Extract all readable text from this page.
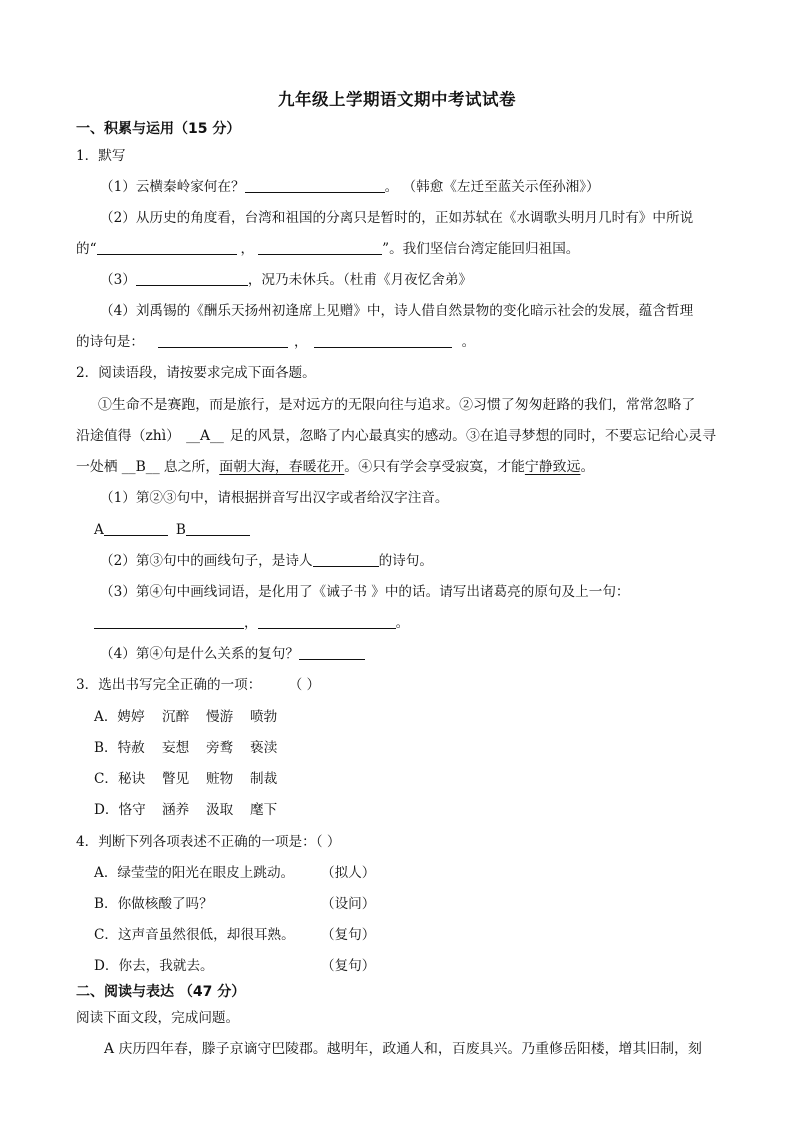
九年级上学期语文期中考试试卷
一、积累与运用（15 分）
1．默写
（1）云横秦岭家何在？	。 （韩愈《左迁至蓝关示侄孙湘》）
（2）从历史的角度看，台湾和祖国的分离只是暂时的，正如苏轼在《水调歌头明月几时有》中所说
的“	，	”。我们坚信台湾定能回归祖国。
（3）	，况乃未休兵。（杜甫《月夜忆舍弟》
（4）刘禹锡的《酬乐天扬州初逢席上见赠》中，诗人借自然景物的变化暗示社会的发展，蕴含哲理
的诗句是：	，	。
2．阅读语段，请按要求完成下面各题。
①生命不是赛跑，而是旅行，是对远方的无限向往与追求。②习惯了匆匆赶路的我们，常常忽略了
沿途值得（zhì） __A__ 足的风景，忽略了内心最真实的感动。③在追寻梦想的同时，不要忘记给心灵寻
一处栖 __B__ 息之所，面朝大海，春暖花开。④只有学会享受寂寞，才能宁静致远。
（1）第②③句中，请根据拼音写出汉字或者给汉字注音。
A	B
（2）第③句中的画线句子，是诗人	的诗句。
（3）第④句中画线词语，是化用了《诫子书 》中的话。请写出诸葛亮的原句及上一句：
，	。
（4）第④句是什么关系的复句？
3．选出书写完全正确的一项：	（ ）
A．娉婷 沉醉 慢游 喷勃
B．特赦 妄想 旁鹜 亵渎
C．秘诀 瞥见 赃物 制裁
D．恪守 涵养 汲取 麾下
4．判断下列各项表述不正确的一项是：（ ）
A．绿莹莹的阳光在眼皮上跳动。 （拟人）
B．你做核酸了吗？	（设问）
C．这声音虽然很低，却很耳熟。 （复句）
D．你去，我就去。	（复句）
二、阅读与表达 （47 分）
阅读下面文段，完成问题。
A 庆历四年春，滕子京谪守巴陵郡。越明年，政通人和，百废具兴。乃重修岳阳楼，增其旧制，刻
